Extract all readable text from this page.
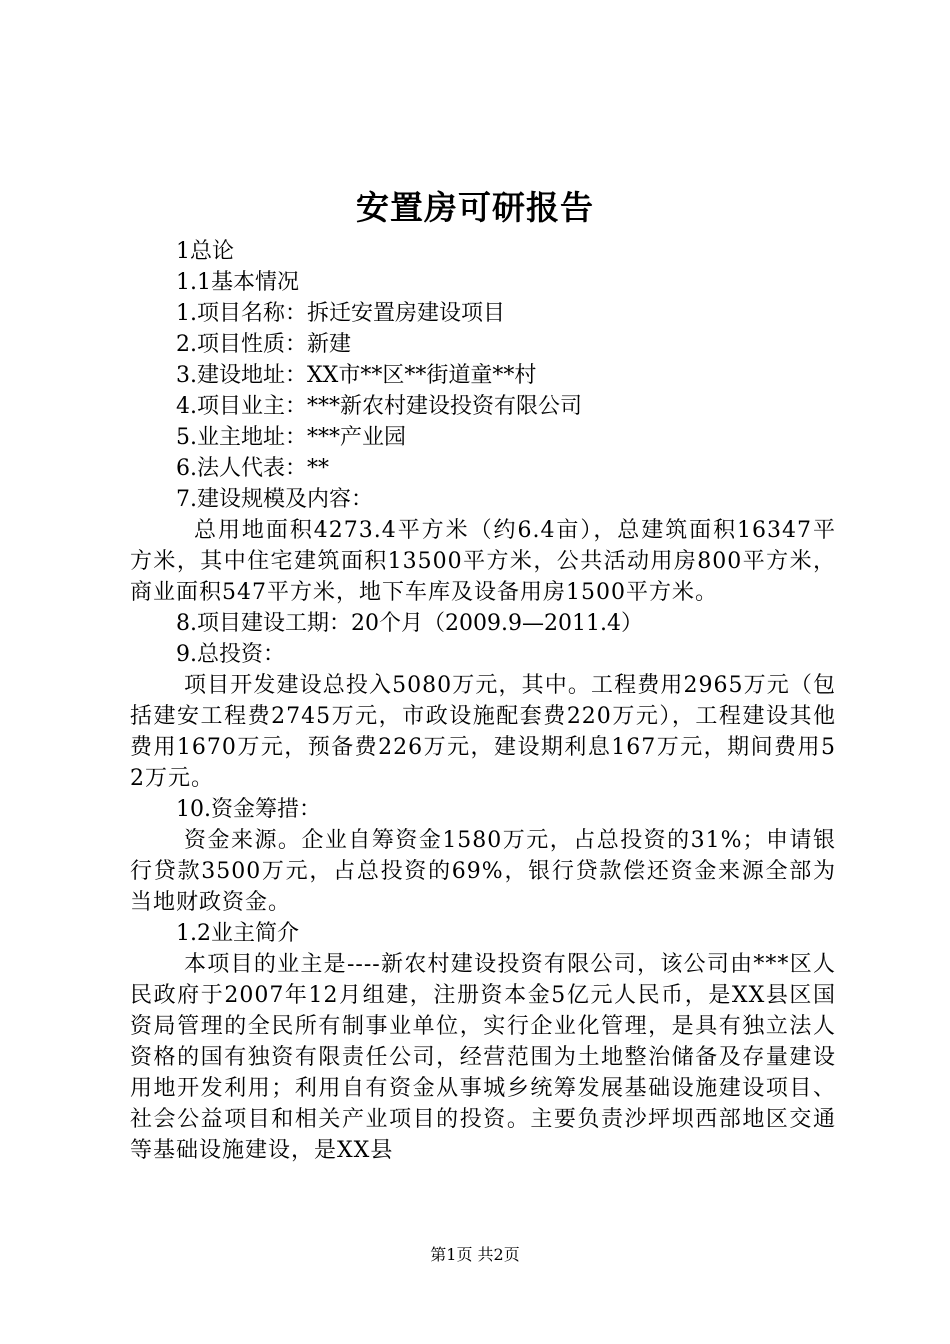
安置房可研报告
1总论
1.1基本情况
1.项目名称：拆迁安置房建设项目
2.项目性质：新建
3.建设地址：XX市**区**街道童**村
4.项目业主：***新农村建设投资有限公司
5.业主地址：***产业园
6.法人代表：**
7.建设规模及内容：
总用地面积4273.4平方米（约6.4亩），总建筑面积16347平方米，其中住宅建筑面积13500平方米，公共活动用房800平方米，商业面积547平方米，地下车库及设备用房1500平方米。
8.项目建设工期：20个月（2009.9—2011.4）
9.总投资：
项目开发建设总投入5080万元，其中。工程费用2965万元（包括建安工程费2745万元，市政设施配套费220万元），工程建设其他费用1670万元，预备费226万元，建设期利息167万元，期间费用52万元。
10.资金筹措：
资金来源。企业自筹资金1580万元，占总投资的31%；申请银行贷款3500万元，占总投资的69%，银行贷款偿还资金来源全部为当地财政资金。
1.2业主简介
本项目的业主是----新农村建设投资有限公司，该公司由***区人民政府于2007年12月组建，注册资本金5亿元人民币，是XX县区国资局管理的全民所有制事业单位，实行企业化管理，是具有独立法人资格的国有独资有限责任公司，经营范围为土地整治储备及存量建设用地开发利用；利用自有资金从事城乡统筹发展基础设施建设项目、社会公益项目和相关产业项目的投资。主要负责沙坪坝西部地区交通等基础设施建设，是XX县
第1页 共2页
